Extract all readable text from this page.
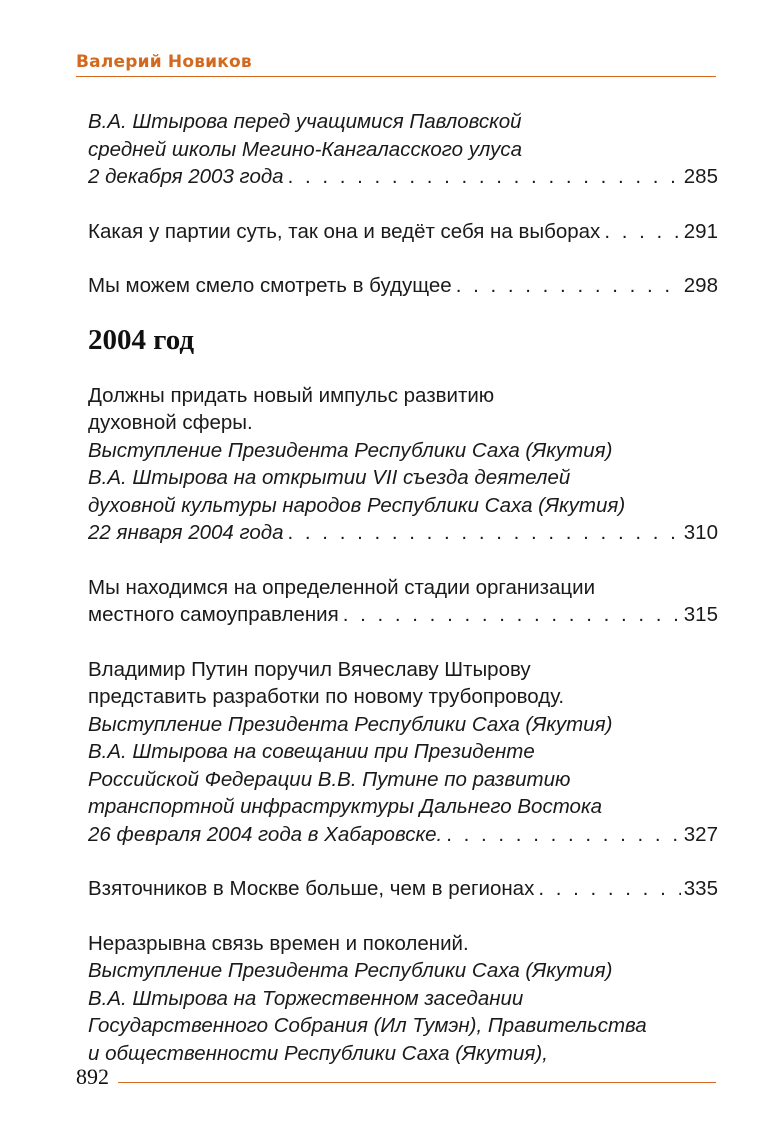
Валерий Новиков
В.А. Штырова перед учащимися Павловской
средней школы Мегино-Кангаласского улуса
2 декабря 2003 года . . .	285
Какая у партии суть, так она и ведёт себя на выборах . . .	291
Мы можем смело смотреть в будущее . . .	298
2004 год
Должны придать новый импульс развитию
духовной сферы.
Выступление Президента Республики Саха (Якутия)
В.А. Штырова на открытии VII съезда деятелей
духовной культуры народов Республики Саха (Якутия)
22 января 2004 года . . .	310
Мы находимся на определенной стадии организации
местного самоуправления . . .	315
Владимир Путин поручил Вячеславу Штырову
представить разработки по новому трубопроводу.
Выступление Президента Республики Саха (Якутия)
В.А. Штырова на совещании при Президенте
Российской Федерации В.В. Путине по развитию
транспортной инфраструктуры Дальнего Востока
26 февраля 2004 года в Хабаровске. . . .	327
Взяточников в Москве больше, чем в регионах . . .	335
Неразрывна связь времен и поколений.
Выступление Президента Республики Саха (Якутия)
В.А. Штырова на Торжественном заседании
Государственного Собрания (Ил Тумэн), Правительства
и общественности Республики Саха (Якутия),
892
